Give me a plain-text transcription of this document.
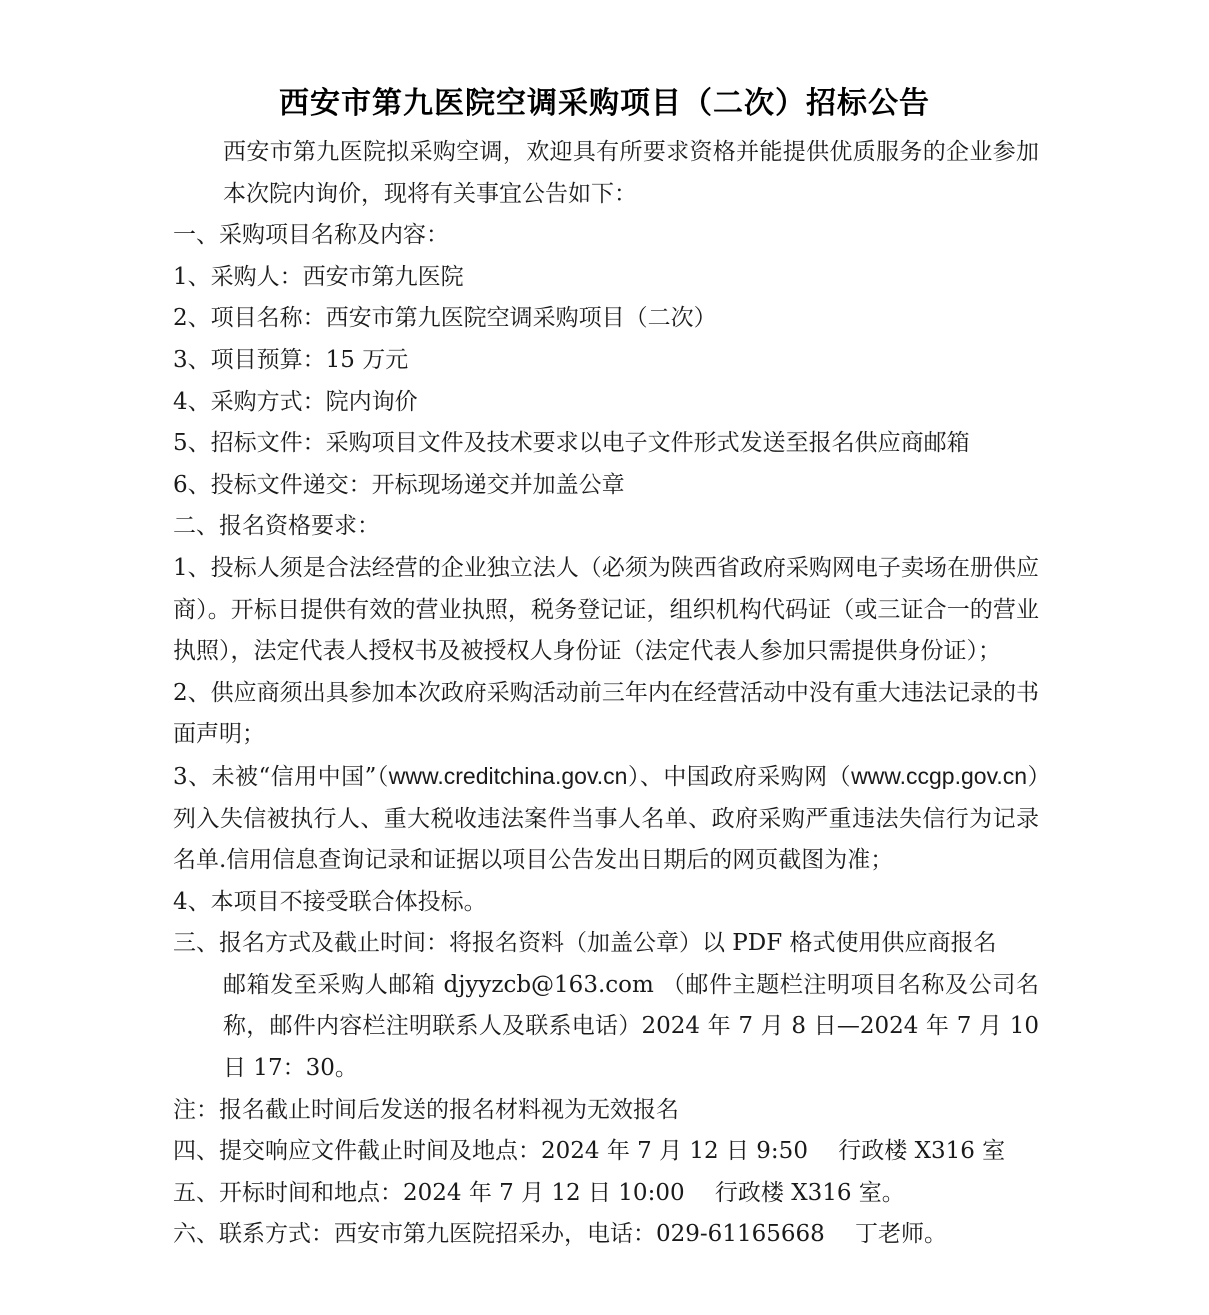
西安市第九医院空调采购项目（二次）招标公告

西安市第九医院拟采购空调，欢迎具有所要求资格并能提供优质服务的企业参加本次院内询价，现将有关事宜公告如下：

一、采购项目名称及内容：

1、采购人：西安市第九医院

2、项目名称：西安市第九医院空调采购项目（二次）

3、项目预算：15 万元

4、采购方式：院内询价

5、招标文件：采购项目文件及技术要求以电子文件形式发送至报名供应商邮箱

6、投标文件递交：开标现场递交并加盖公章

二、报名资格要求：

1、投标人须是合法经营的企业独立法人（必须为陕西省政府采购网电子卖场在册供应商）。开标日提供有效的营业执照，税务登记证，组织机构代码证（或三证合一的营业执照），法定代表人授权书及被授权人身份证（法定代表人参加只需提供身份证）；

2、供应商须出具参加本次政府采购活动前三年内在经营活动中没有重大违法记录的书面声明；

3、未被“信用中国”（www.creditchina.gov.cn）、中国政府采购网（www.ccgp.gov.cn）列入失信被执行人、重大税收违法案件当事人名单、政府采购严重违法失信行为记录名单.信用信息查询记录和证据以项目公告发出日期后的网页截图为准；

4、本项目不接受联合体投标。

三、报名方式及截止时间：将报名资料（加盖公章）以 PDF 格式使用供应商报名

邮箱发至采购人邮箱 djyyzcb@163.com （邮件主题栏注明项目名称及公司名称，邮件内容栏注明联系人及联系电话）2024 年 7 月 8 日—2024 年 7 月 10 日 17：30。

注：报名截止时间后发送的报名材料视为无效报名

四、提交响应文件截止时间及地点：2024 年 7 月 12 日 9:50　 行政楼 X316 室

五、开标时间和地点：2024 年 7 月 12 日 10:00　 行政楼 X316 室。

六、联系方式：西安市第九医院招采办，电话：029-61165668　 丁老师。
